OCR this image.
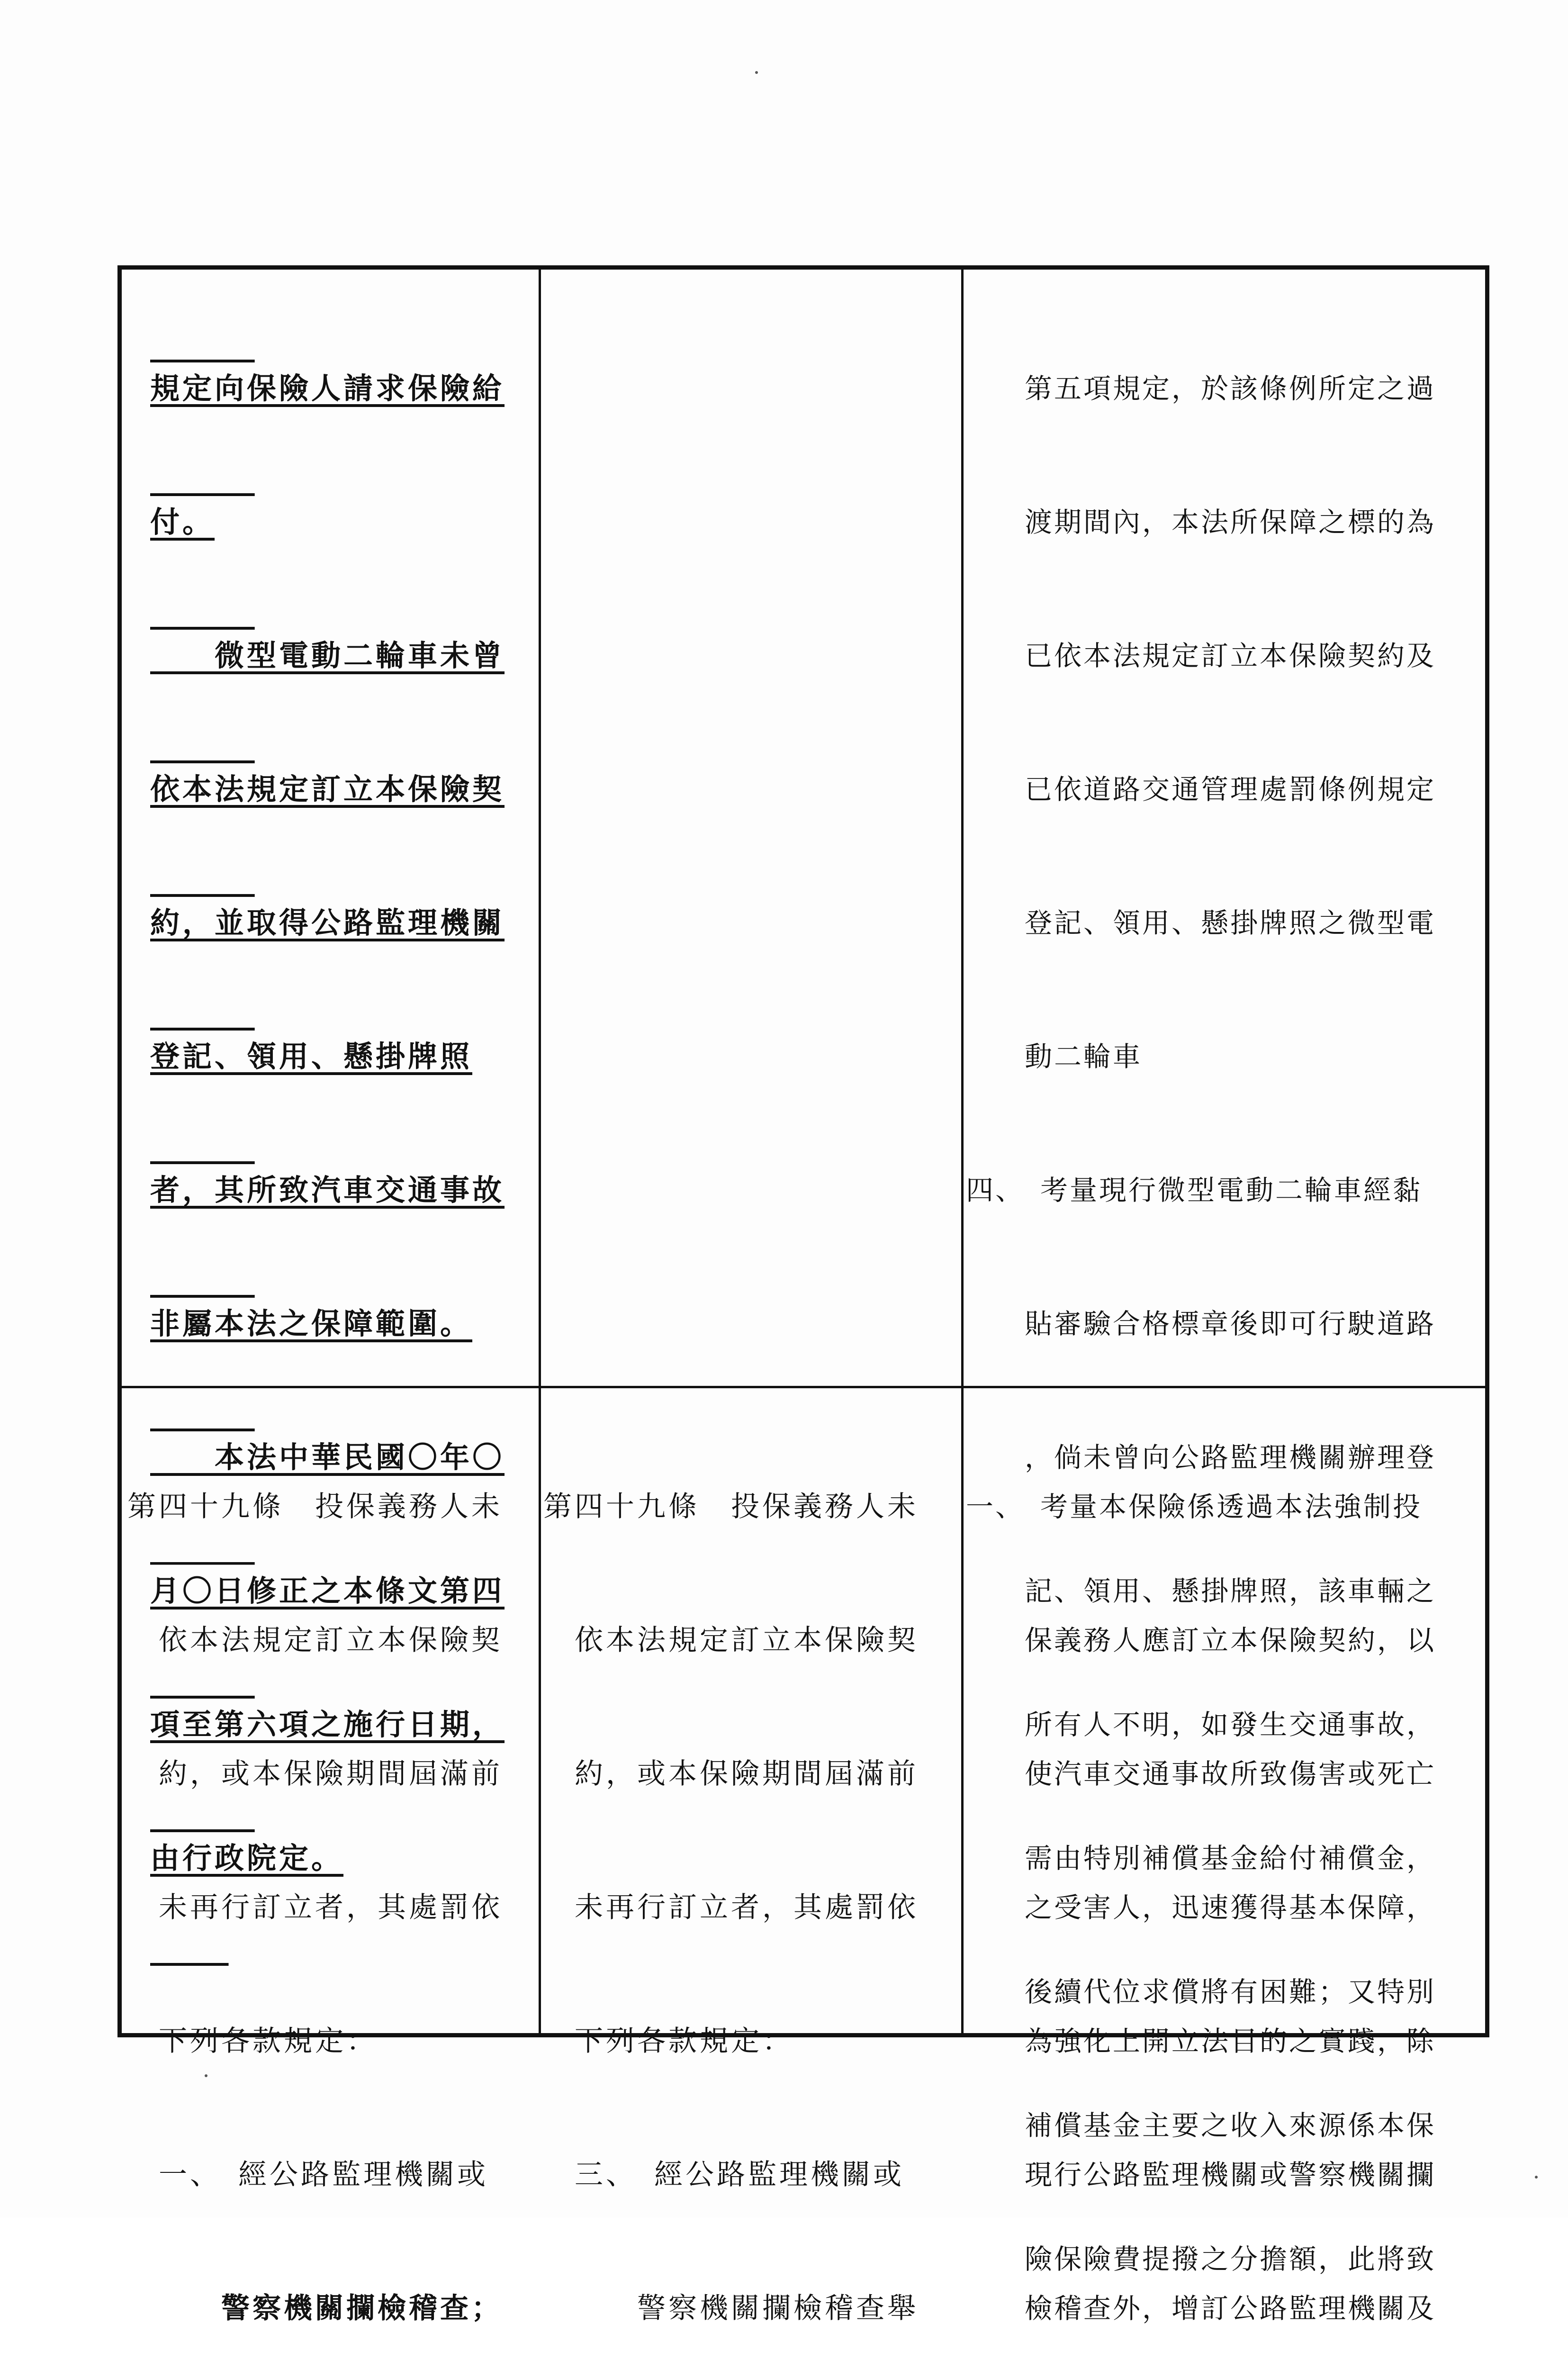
規定向保險人請求保險給

付。

　　微型電動二輪車未曾

依本法規定訂立本保險契

約，並取得公路監理機關

登記、領用、懸掛牌照

者，其所致汽車交通事故

非屬本法之保障範圍。

　　本法中華民國〇年〇

月〇日修正之本條文第四

項至第六項之施行日期，

由行政院定。

　　第五項規定，於該條例所定之過

　　渡期間內，本法所保障之標的為

　　已依本法規定訂立本保險契約及

　　已依道路交通管理處罰條例規定

　　登記、領用、懸掛牌照之微型電

　　動二輪車

四、　考量現行微型電動二輪車經黏

　　貼審驗合格標章後即可行駛道路

　　，倘未曾向公路監理機關辦理登

　　記、領用、懸掛牌照，該車輛之

　　所有人不明，如發生交通事故，

　　需由特別補償基金給付補償金，

　　後續代位求償將有困難；又特別

　　補償基金主要之收入來源係本保

　　險保險費提撥之分擔額，此將致

第四十九條　投保義務人未

　依本法規定訂立本保險契

　約，或本保險期間屆滿前

　未再行訂立者，其處罰依

　下列各款規定：

　一、　經公路監理機關或

　　　警察機關攔檢稽查；

第四十九條　投保義務人未

　依本法規定訂立本保險契

　約，或本保險期間屆滿前

　未再行訂立者，其處罰依

　下列各款規定：

　三、　經公路監理機關或

　　　警察機關攔檢稽查舉

一、　考量本保險係透過本法強制投

　　保義務人應訂立本保險契約，以

　　使汽車交通事故所致傷害或死亡

　　之受害人，迅速獲得基本保障，

　　為強化上開立法目的之實踐，除

　　現行公路監理機關或警察機關攔

　　檢稽查外，增訂公路監理機關及
